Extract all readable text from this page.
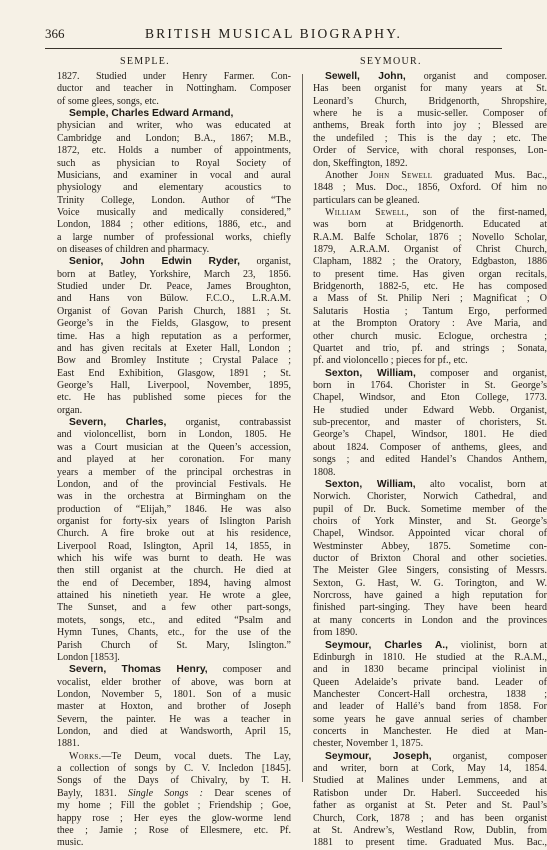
366	BRITISH MUSICAL BIOGRAPHY.
SEMPLE.	SEYMOUR.
1827. Studied under Henry Farmer. Con-
ductor and teacher in Nottingham. Composer
of some glees, songs, etc.
Semple, Charles Edward Armand,
physician and writer, who was educated at
Cambridge and London; B.A., 1867; M.B.,
1872, etc. Holds a number of appointments,
such as physician to Royal Society of
Musicians, and examiner in vocal and aural
physiology and elementary acoustics to
Trinity College, London. Author of “The
Voice musically and medically considered,”
London, 1884 ; other editions, 1886, etc., and
a large number of professional works, chiefly
on diseases of children and pharmacy.
Senior, John Edwin Ryder, organist,
born at Batley, Yorkshire, March 23, 1856.
Studied under Dr. Peace, James Broughton,
and Hans von Bülow. F.C.O., L.R.A.M.
Organist of Govan Parish Church, 1881 ; St.
George’s in the Fields, Glasgow, to present
time. Has a high reputation as a performer,
and has given recitals at Exeter Hall, London ;
Bow and Bromley Institute ; Crystal Palace ;
East End Exhibition, Glasgow, 1891 ; St.
George’s Hall, Liverpool, November, 1895,
etc. He has published some pieces for the
organ.
Severn, Charles, organist, contrabassist
and violoncellist, born in London, 1805. He
was a Court musician at the Queen’s accession,
and played at her coronation. For many
years a member of the principal orchestras in
London, and of the provincial Festivals. He
was in the orchestra at Birmingham on the
production of “Elijah,” 1846. He was also
organist for forty-six years of Islington Parish
Church. A fire broke out at his residence,
Liverpool Road, Islington, April 14, 1855, in
which his wife was burnt to death. He was
then still organist at the church. He died at
the end of December, 1894, having almost
attained his ninetieth year. He wrote a glee,
The Sunset, and a few other part-songs,
motets, songs, etc., and edited “Psalm and
Hymn Tunes, Chants, etc., for the use of the
Parish Church of St. Mary, Islington.”
London [1853].
Severn, Thomas Henry, composer and
vocalist, elder brother of above, was born at
London, November 5, 1801. Son of a music
master at Hoxton, and brother of Joseph
Severn, the painter. He was a teacher in
London, and died at Wandsworth, April 15,
1881.
Works.—Te Deum, vocal duets. The Lay,
a collection of songs by C. V. Incledon [1845].
Songs of the Days of Chivalry, by T. H.
Bayly, 1831. Single Songs : Dear scenes of
my home ; Fill the goblet ; Friendship ; Goe,
happy rose ; Her eyes the glow-worme lend
thee ; Jamie ; Rose of Ellesmere, etc. Pf.
music.
Sewell, John, organist and composer.
Has been organist for many years at St.
Leonard’s Church, Bridgenorth, Shropshire,
where he is a music-seller. Composer of
anthems, Break forth into joy ; Blessed are
the undefiled ; This is the day ; etc. The
Order of Service, with choral responses, Lon-
don, Skeffington, 1892.
Another John Sewell graduated Mus. Bac.,
1848 ; Mus. Doc., 1856, Oxford. Of him no
particulars can be gleaned.
William Sewell, son of the first-named,
was born at Bridgenorth. Educated at
R.A.M. Balfe Scholar, 1876 ; Novello Scholar,
1879, A.R.A.M. Organist of Christ Church,
Clapham, 1882 ; the Oratory, Edgbaston, 1886
to present time. Has given organ recitals,
Bridgenorth, 1882-5, etc. He has composed
a Mass of St. Philip Neri ; Magnificat ; O
Salutaris Hostia ; Tantum Ergo, performed
at the Brompton Oratory : Ave Maria, and
other church music. Eclogue, orchestra ;
Quartet and trio, pf. and strings ; Sonata,
pf. and violoncello ; pieces for pf., etc.
Sexton, William, composer and organist,
born in 1764. Chorister in St. George’s
Chapel, Windsor, and Eton College, 1773.
He studied under Edward Webb. Organist,
sub-precentor, and master of choristers, St.
George’s Chapel, Windsor, 1801. He died
about 1824. Composer of anthems, glees, and
songs ; and edited Handel’s Chandos Anthem,
1808.
Sexton, William, alto vocalist, born at
Norwich. Chorister, Norwich Cathedral, and
pupil of Dr. Buck. Sometime member of the
choirs of York Minster, and St. George’s
Chapel, Windsor. Appointed vicar choral of
Westminster Abbey, 1875. Sometime con-
ductor of Brixton Choral and other societies.
The Meister Glee Singers, consisting of Messrs.
Sexton, G. Hast, W. G. Torington, and W.
Norcross, have gained a high reputation for
finished part-singing. They have been heard
at many concerts in London and the provinces
from 1890.
Seymour, Charles A., violinist, born at
Edinburgh in 1810. He studied at the R.A.M.,
and in 1830 became principal violinist in
Queen Adelaide’s private band. Leader of
Manchester Concert-Hall orchestra, 1838 ;
and leader of Hallé’s band from 1858. For
some years he gave annual series of chamber
concerts in Manchester. He died at Man-
chester, November 1, 1875.
Seymour, Joseph, organist, composer
and writer, born at Cork, May 14, 1854.
Studied at Malines under Lemmens, and at
Ratisbon under Dr. Haberl. Succeeded his
father as organist at St. Peter and St. Paul’s
Church, Cork, 1878 ; and has been organist
at St. Andrew’s, Westland Row, Dublin, from
1881 to present time. Graduated Mus. Bac.,
